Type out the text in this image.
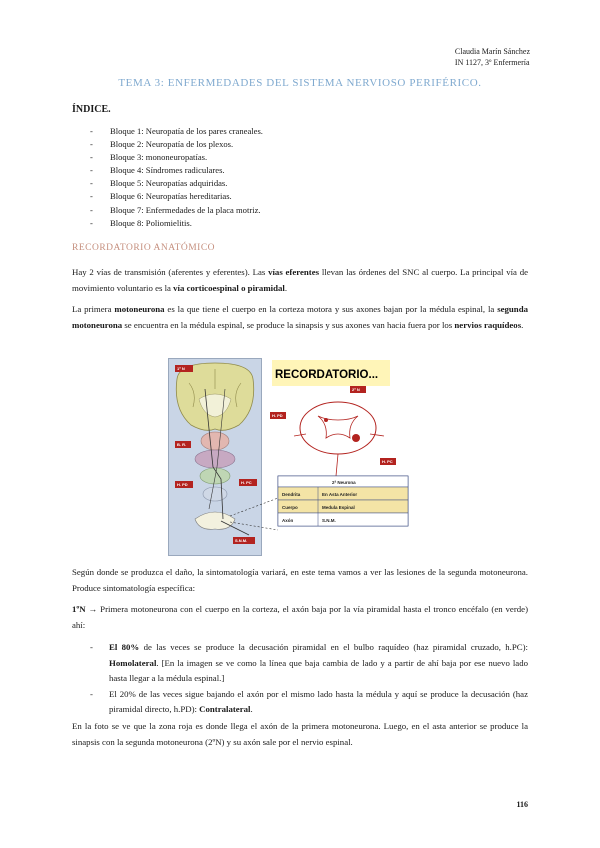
Claudia Marín Sánchez
IN 1127, 3º Enfermería
TEMA 3: ENFERMEDADES DEL SISTEMA NERVIOSO PERIFÉRICO.
ÍNDICE.
- Bloque 1: Neuropatía de los pares craneales.
- Bloque 2: Neuropatía de los plexos.
- Bloque 3: mononeuropatías.
- Bloque 4: Síndromes radiculares.
- Bloque 5: Neuropatías adquiridas.
- Bloque 6: Neuropatías hereditarias.
- Bloque 7: Enfermedades de la placa motriz.
- Bloque 8: Poliomielitis.
RECORDATORIO ANATÓMICO
Hay 2 vías de transmisión (aferentes y eferentes). Las vías eferentes llevan las órdenes del SNC al cuerpo. La principal vía de movimiento voluntario es la vía corticoespinal o piramidal.
La primera motoneurona es la que tiene el cuerpo en la corteza motora y sus axones bajan por la médula espinal, la segunda motoneurona se encuentra en la médula espinal, se produce la sinapsis y sus axones van hacia fuera por los nervios raquídeos.
1ª N
B. R.
H. PD	H. PC
S.N.M.
RECORDATORIO...
H. PD
2ª N
H. PC
2ª Neurona
Dendrita	En Asta Anterior
Cuerpo	Medula Espinal
Axón	S.N.M.
Según donde se produzca el daño, la sintomatología variará, en este tema vamos a ver las lesiones de la segunda motoneurona. Produce sintomatología específica:
1ºN → Primera motoneurona con el cuerpo en la corteza, el axón baja por la vía piramidal hasta el tronco encéfalo (en verde) ahí:
- El 80% de las veces se produce la decusación piramidal en el bulbo raquídeo (haz piramidal cruzado, h.PC): Homolateral. [En la imagen se ve como la línea que baja cambia de lado y a partir de ahí baja por ese nuevo lado hasta llegar a la médula espinal.]
- El 20% de las veces sigue bajando el axón por el mismo lado hasta la médula y aquí se produce la decusación (haz piramidal directo, h.PD): Contralateral.
En la foto se ve que la zona roja es donde llega el axón de la primera motoneurona. Luego, en el asta anterior se produce la sinapsis con la segunda motoneurona (2ºN) y su axón sale por el nervio espinal.
116
